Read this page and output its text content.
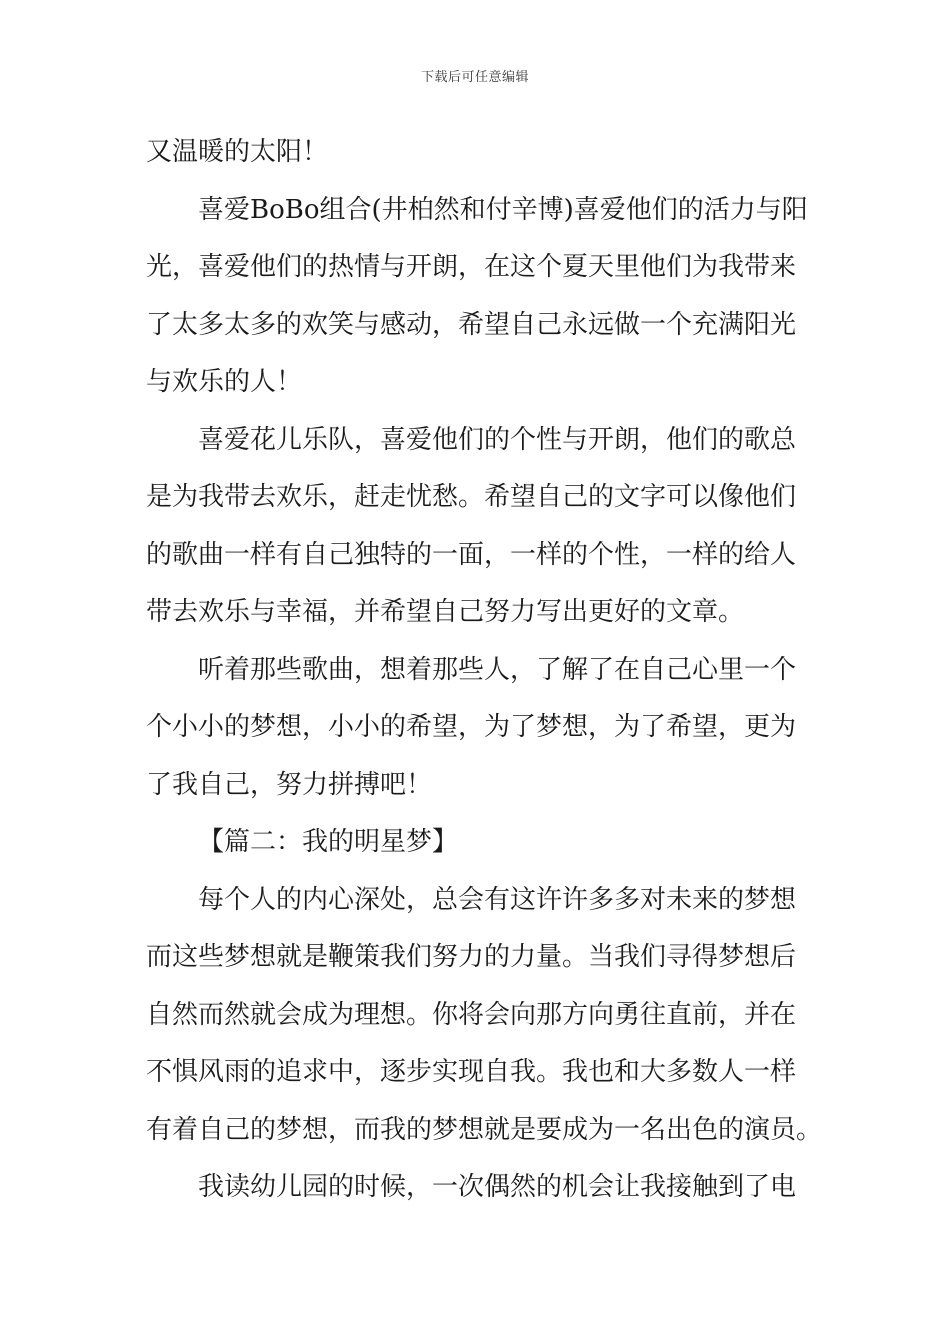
下载后可任意编辑
又温暖的太阳！
喜爱BoBo组合(井柏然和付辛博)喜爱他们的活力与阳
光，喜爱他们的热情与开朗，在这个夏天里他们为我带来
了太多太多的欢笑与感动，希望自己永远做一个充满阳光
与欢乐的人！
喜爱花儿乐队，喜爱他们的个性与开朗，他们的歌总
是为我带去欢乐，赶走忧愁。希望自己的文字可以像他们
的歌曲一样有自己独特的一面，一样的个性，一样的给人
带去欢乐与幸福，并希望自己努力写出更好的文章。
听着那些歌曲，想着那些人，了解了在自己心里一个
个小小的梦想，小小的希望，为了梦想，为了希望，更为
了我自己，努力拼搏吧！
【篇二：我的明星梦】
每个人的内心深处，总会有这许许多多对未来的梦想
而这些梦想就是鞭策我们努力的力量。当我们寻得梦想后
自然而然就会成为理想。你将会向那方向勇往直前，并在
不惧风雨的追求中，逐步实现自我。我也和大多数人一样
有着自己的梦想，而我的梦想就是要成为一名出色的演员。
我读幼儿园的时候，一次偶然的机会让我接触到了电
